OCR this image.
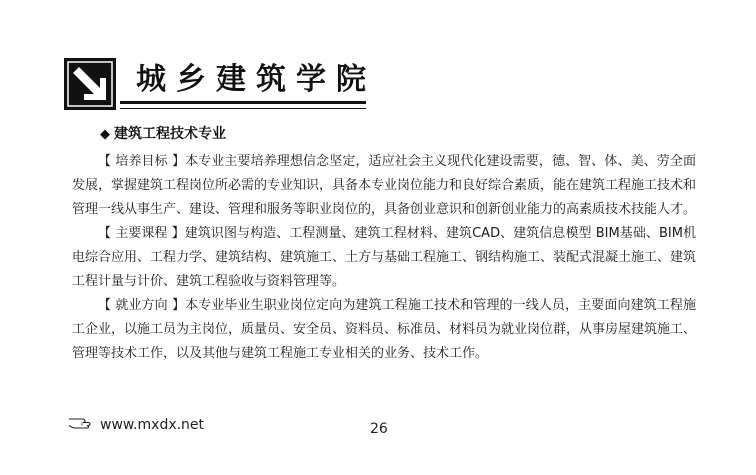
城乡建筑学院
◆ 建筑工程技术专业

【 培养目标 】本专业主要培养理想信念坚定，适应社会主义现代化建设需要，德、智、体、美、劳全面发展，掌握建筑工程岗位所必需的专业知识，具备本专业岗位能力和良好综合素质，能在建筑工程施工技术和管理一线从事生产、建设、管理和服务等职业岗位的，具备创业意识和创新创业能力的高素质技术技能人才。

【 主要课程 】建筑识图与构造、工程测量、建筑工程材料、建筑CAD、建筑信息模型 BIM基础、BIM机电综合应用、工程力学、建筑结构、建筑施工、土方与基础工程施工、钢结构施工、装配式混凝土施工、建筑工程计量与计价、建筑工程验收与资料管理等。

【 就业方向 】本专业毕业生职业岗位定向为建筑工程施工技术和管理的一线人员，主要面向建筑工程施工企业，以施工员为主岗位，质量员、安全员、资料员、标准员、材料员为就业岗位群，从事房屋建筑施工、管理等技术工作，以及其他与建筑工程施工专业相关的业务、技术工作。

www.mxdx.net	26
